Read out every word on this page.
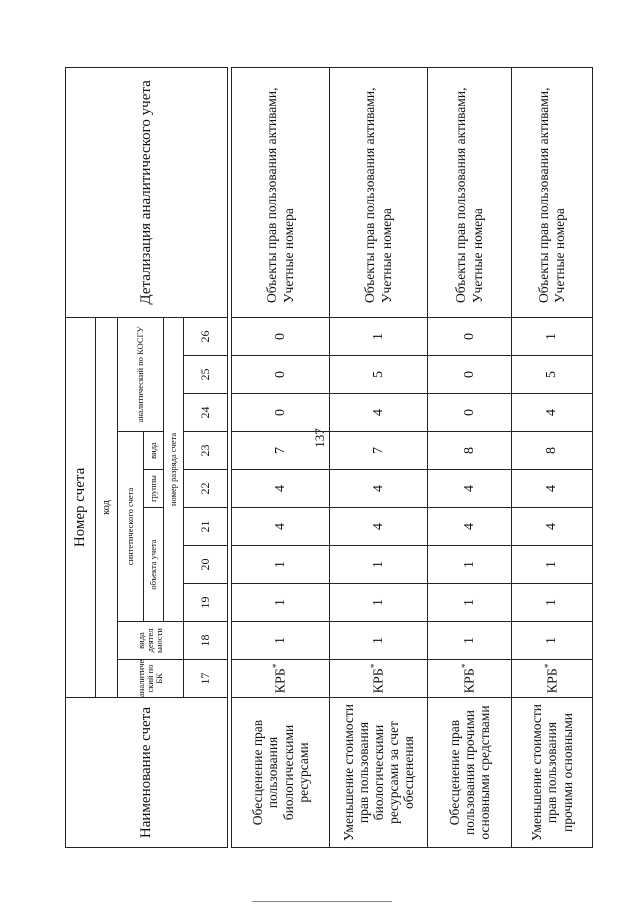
137
Наименование счета	Номер счета										Детализация аналитического учета
	код										
	аналитиче ский по БК	вида деятел ьности	синтетического счета					аналитический по КОСГУ			
			объекта учета			группы	вида				
			номер разряда счета								
	17	18	19	20	21	22	23	24	25	26	

Обесценение прав пользования биологическими ресурсами	КРБ*	1	1	1	4	4	7	0	0	0	Объекты прав пользования активами, Учетные номера
Уменьшение стоимости прав пользования биологическими ресурсами за счет обесценения	КРБ*	1	1	1	4	4	7	4	5	1	Объекты прав пользования активами, Учетные номера
Обесценение прав пользования прочими основными средствами	КРБ*	1	1	1	4	4	8	0	0	0	Объекты прав пользования активами, Учетные номера
Уменьшение стоимости прав пользования прочими основными	КРБ*	1	1	1	4	4	8	4	5	1	Объекты прав пользования активами, Учетные номера
